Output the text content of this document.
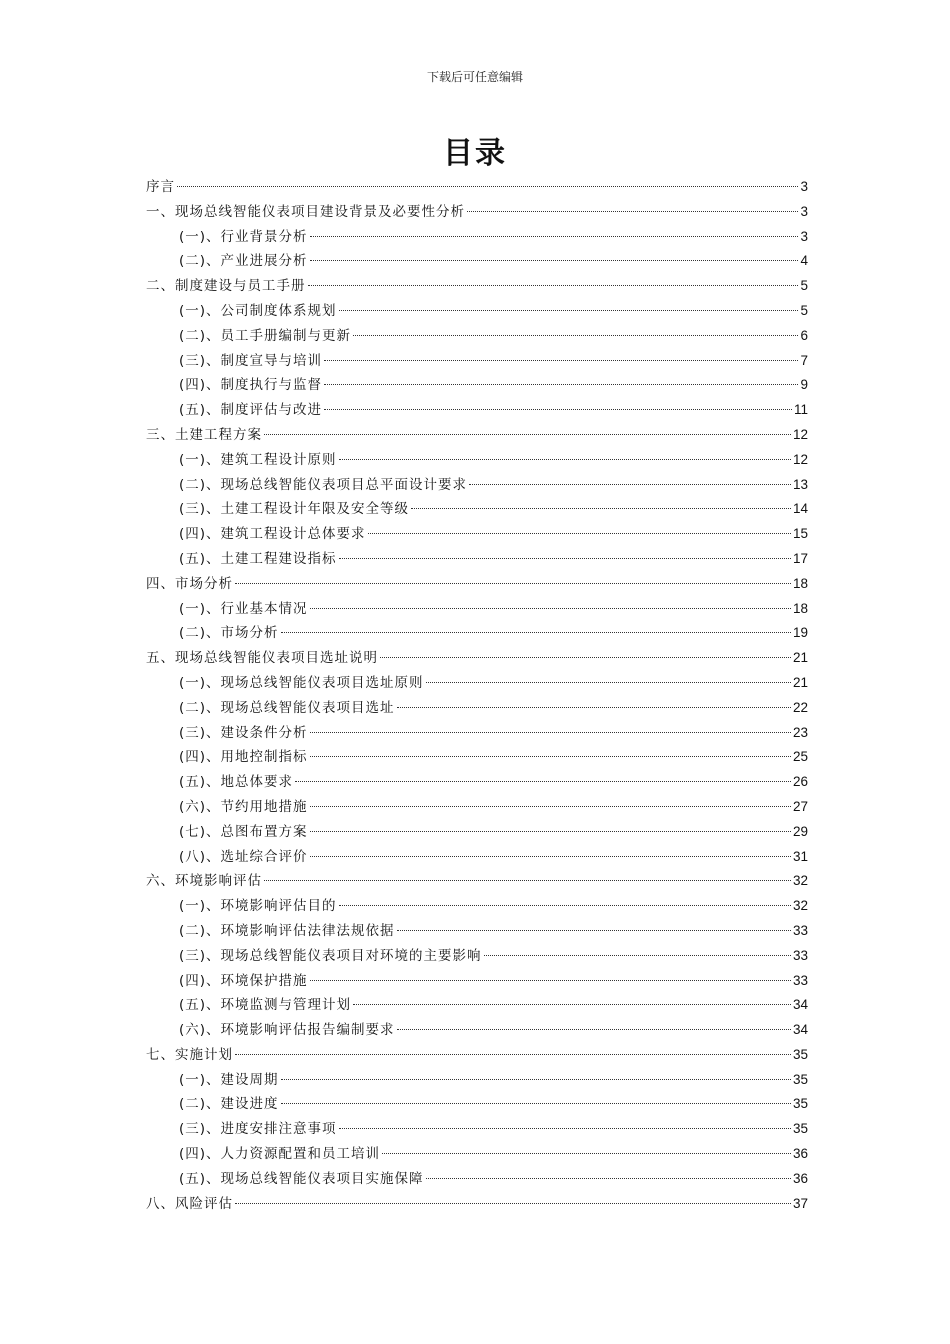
下载后可任意编辑
目录
序言	3
一、现场总线智能仪表项目建设背景及必要性分析	3
(一)、行业背景分析	3
(二)、产业进展分析	4
二、制度建设与员工手册	5
(一)、公司制度体系规划	5
(二)、员工手册编制与更新	6
(三)、制度宣导与培训	7
(四)、制度执行与监督	9
(五)、制度评估与改进	11
三、土建工程方案	12
(一)、建筑工程设计原则	12
(二)、现场总线智能仪表项目总平面设计要求	13
(三)、土建工程设计年限及安全等级	14
(四)、建筑工程设计总体要求	15
(五)、土建工程建设指标	17
四、市场分析	18
(一)、行业基本情况	18
(二)、市场分析	19
五、现场总线智能仪表项目选址说明	21
(一)、现场总线智能仪表项目选址原则	21
(二)、现场总线智能仪表项目选址	22
(三)、建设条件分析	23
(四)、用地控制指标	25
(五)、地总体要求	26
(六)、节约用地措施	27
(七)、总图布置方案	29
(八)、选址综合评价	31
六、环境影响评估	32
(一)、环境影响评估目的	32
(二)、环境影响评估法律法规依据	33
(三)、现场总线智能仪表项目对环境的主要影响	33
(四)、环境保护措施	33
(五)、环境监测与管理计划	34
(六)、环境影响评估报告编制要求	34
七、实施计划	35
(一)、建设周期	35
(二)、建设进度	35
(三)、进度安排注意事项	35
(四)、人力资源配置和员工培训	36
(五)、现场总线智能仪表项目实施保障	36
八、风险评估	37
